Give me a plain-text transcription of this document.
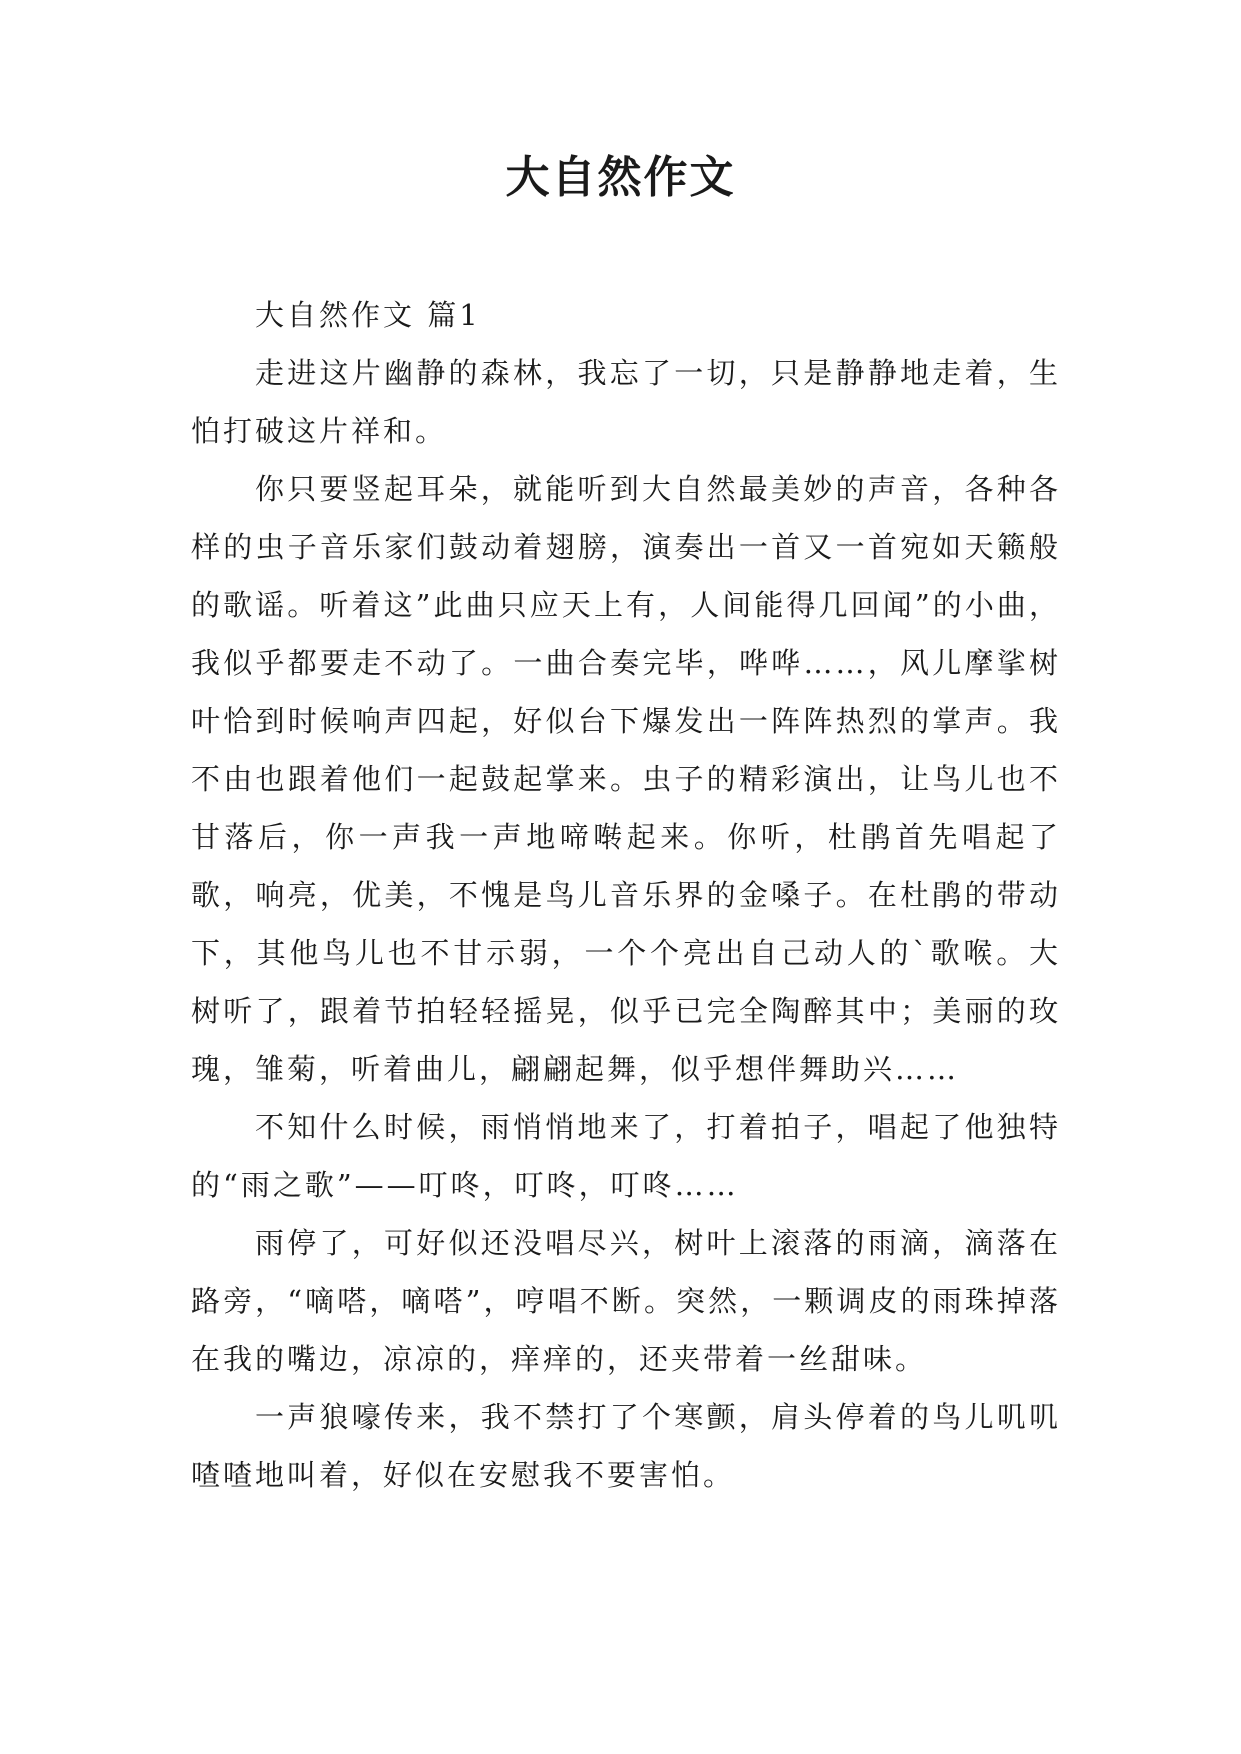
大自然作文

大自然作文 篇1

走进这片幽静的森林，我忘了一切，只是静静地走着，生怕打破这片祥和。

你只要竖起耳朵，就能听到大自然最美妙的声音，各种各样的虫子音乐家们鼓动着翅膀，演奏出一首又一首宛如天籁般的歌谣。听着这”此曲只应天上有，人间能得几回闻”的小曲，我似乎都要走不动了。一曲合奏完毕，哗哗……，风儿摩挲树叶恰到时候响声四起，好似台下爆发出一阵阵热烈的掌声。我不由也跟着他们一起鼓起掌来。虫子的精彩演出，让鸟儿也不甘落后，你一声我一声地啼啭起来。你听，杜鹃首先唱起了歌，响亮，优美，不愧是鸟儿音乐界的金嗓子。在杜鹃的带动下，其他鸟儿也不甘示弱，一个个亮出自己动人的`歌喉。大树听了，跟着节拍轻轻摇晃，似乎已完全陶醉其中；美丽的玫瑰，雏菊，听着曲儿，翩翩起舞，似乎想伴舞助兴……

不知什么时候，雨悄悄地来了，打着拍子，唱起了他独特的“雨之歌”——叮咚，叮咚，叮咚……

雨停了，可好似还没唱尽兴，树叶上滚落的雨滴，滴落在路旁，“嘀嗒，嘀嗒”，哼唱不断。突然，一颗调皮的雨珠掉落在我的嘴边，凉凉的，痒痒的，还夹带着一丝甜味。

一声狼嚎传来，我不禁打了个寒颤，肩头停着的鸟儿叽叽喳喳地叫着，好似在安慰我不要害怕。
